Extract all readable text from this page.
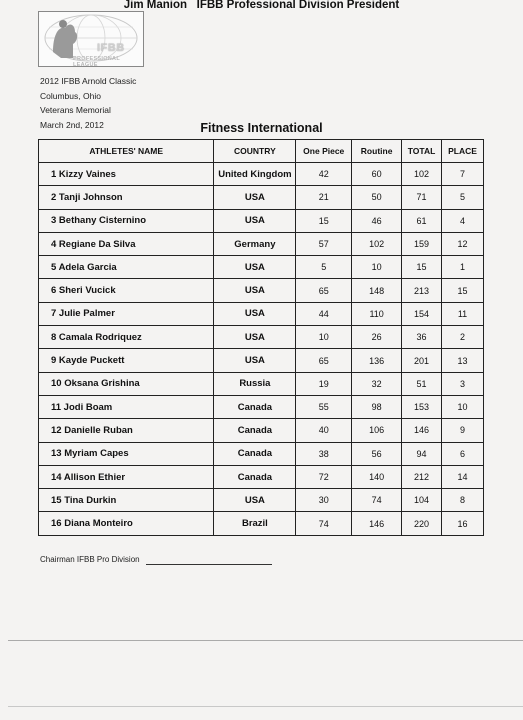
Jim Manion IFBB Professional Division President
IFBB
PROFESSIONAL LEAGUE
2012 IFBB Arnold Classic
Columbus, Ohio
Veterans Memorial
March 2nd, 2012	Fitness International
ATHLETES' NAME	COUNTRY	One Piece	Routine	TOTAL	PLACE
1 Kizzy Vaines	United Kingdom	42	60	102	7
2 Tanji Johnson	USA	21	50	71	5
3 Bethany Cisternino	USA	15	46	61	4
4 Regiane Da Silva	Germany	57	102	159	12
5 Adela Garcia	USA	5	10	15	1
6 Sheri Vucick	USA	65	148	213	15
7 Julie Palmer	USA	44	110	154	11
8 Camala Rodriquez	USA	10	26	36	2
9 Kayde Puckett	USA	65	136	201	13
10 Oksana Grishina	Russia	19	32	51	3
11 Jodi Boam	Canada	55	98	153	10
12 Danielle Ruban	Canada	40	106	146	9
13 Myriam Capes	Canada	38	56	94	6
14 Allison Ethier	Canada	72	140	212	14
15 Tina Durkin	USA	30	74	104	8
16 Diana Monteiro	Brazil	74	146	220	16
Chairman IFBB Pro Division
